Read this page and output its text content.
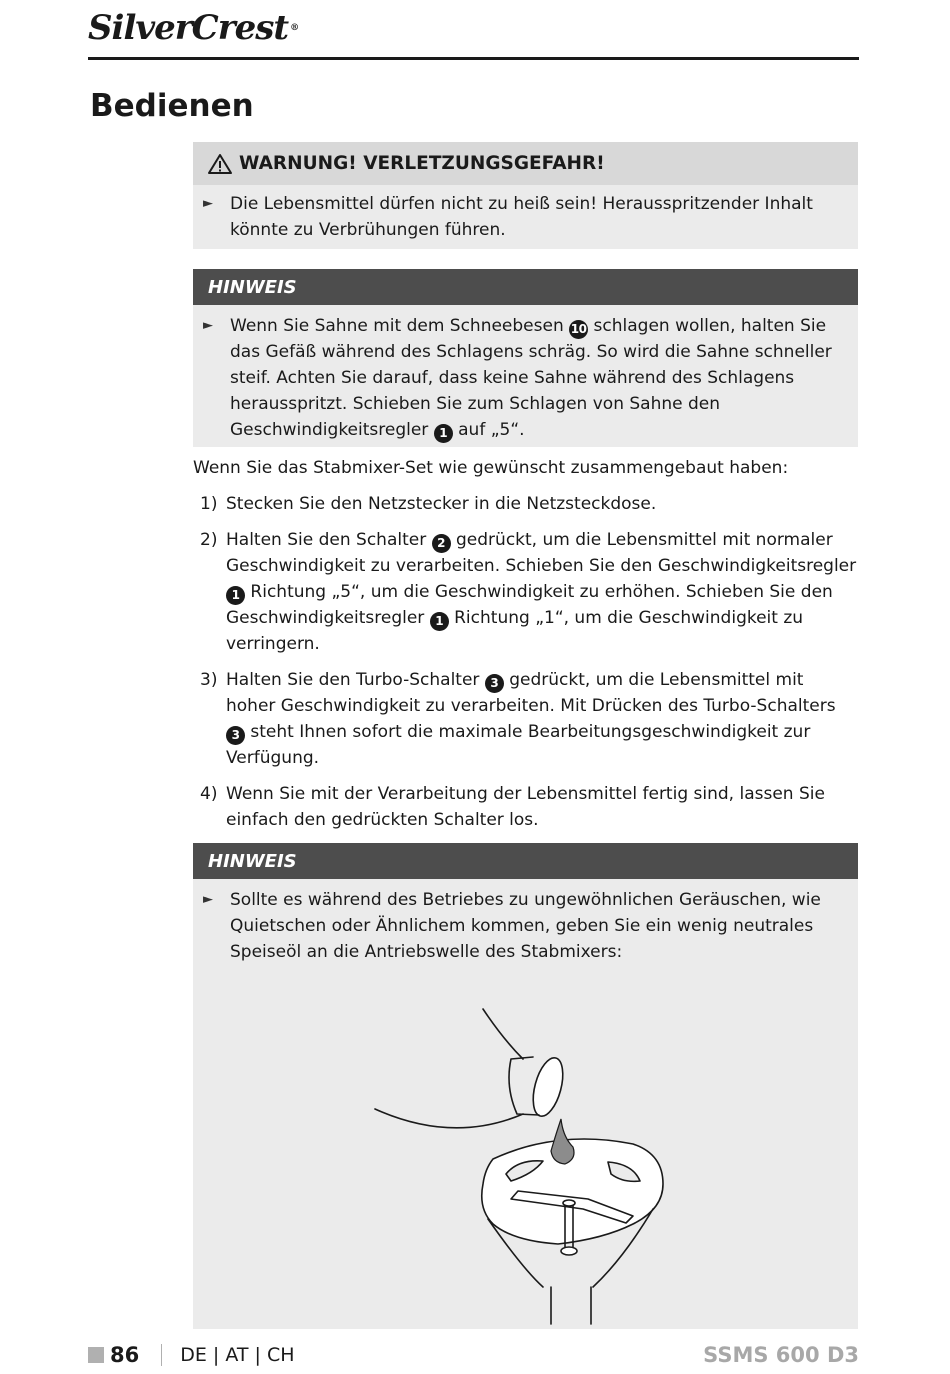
SilverCrest ®
Bedienen
WARNUNG! VERLETZUNGSGEFAHR!
►	Die Lebensmittel dürfen nicht zu heiß sein! Herausspritzender Inhalt könnte zu Verbrühungen führen.
HINWEIS
►	Wenn Sie Sahne mit dem Schneebesen 10 schlagen wollen, halten Sie das Gefäß während des Schlagens schräg. So wird die Sahne schneller steif. Achten Sie darauf, dass keine Sahne während des Schlagens herausspritzt. Schieben Sie zum Schlagen von Sahne den Geschwindigkeitsregler 1 auf „5“.
Wenn Sie das Stabmixer-Set wie gewünscht zusammengebaut haben:
1) Stecken Sie den Netzstecker in die Netzsteckdose.
2) Halten Sie den Schalter 2 gedrückt, um die Lebensmittel mit normaler Geschwindigkeit zu verarbeiten. Schieben Sie den Geschwindigkeitsregler 1 Richtung „5“, um die Geschwindigkeit zu erhöhen. Schieben Sie den Geschwindigkeitsregler 1 Richtung „1“, um die Geschwindigkeit zu verringern.
3) Halten Sie den Turbo-Schalter 3 gedrückt, um die Lebensmittel mit hoher Geschwindigkeit zu verarbeiten. Mit Drücken des Turbo-Schalters 3 steht Ihnen sofort die maximale Bearbeitungsgeschwindigkeit zur Verfügung.
4) Wenn Sie mit der Verarbeitung der Lebensmittel fertig sind, lassen Sie einfach den gedrückten Schalter los.
HINWEIS
►	Sollte es während des Betriebes zu ungewöhnlichen Geräuschen, wie Quietschen oder Ähnlichem kommen, geben Sie ein wenig neutrales Speiseöl an die Antriebswelle des Stabmixers:
86 DE | AT | CH	SSMS 600 D3
